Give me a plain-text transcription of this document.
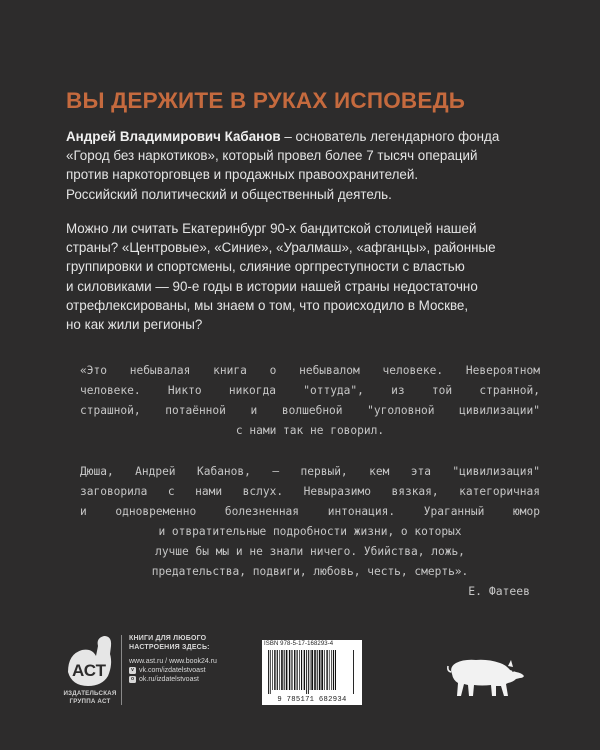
ВЫ ДЕРЖИТЕ В РУКАХ ИСПОВЕДЬ
Андрей Владимирович Кабанов – основатель легендарного фонда
«Город без наркотиков», который провел более 7 тысяч операций
против наркоторговцев и продажных правоохранителей.
Российский политический и общественный деятель.
Можно ли считать Екатеринбург 90-х бандитской столицей нашей
страны? «Центровые», «Синие», «Уралмаш», «афганцы», районные
группировки и спортсмены, слияние оргпреступности с властью
и силовиками — 90-е годы в истории нашей страны недостаточно
отрефлексированы, мы знаем о том, что происходило в Москве,
но как жили регионы?
«Это небывалая книга о небывалом человеке. Невероятном
человеке. Никто никогда "оттуда", из той странной,
страшной, потаённой и волшебной "уголовной цивилизации"
с нами так не говорил.
Дюша, Андрей Кабанов, — первый, кем эта "цивилизация"
заговорила с нами вслух. Невыразимо вязкая, категоричная
и одновременно болезненная интонация. Ураганный юмор
и отвратительные подробности жизни, о которых
лучше бы мы и не знали ничего. Убийства, ложь,
предательства, подвиги, любовь, честь, смерть».
Е. Фатеев
АСТ
ИЗДАТЕЛЬСКАЯ
ГРУППА АСТ
КНИГИ ДЛЯ ЛЮБОГО
НАСТРОЕНИЯ ЗДЕСЬ:
www.ast.ru / www.book24.ru
v vk.com/izdatelstvoast
o ok.ru/izdatelstvoast
ISBN 978-5-17-168293-4
9 785171 682934
